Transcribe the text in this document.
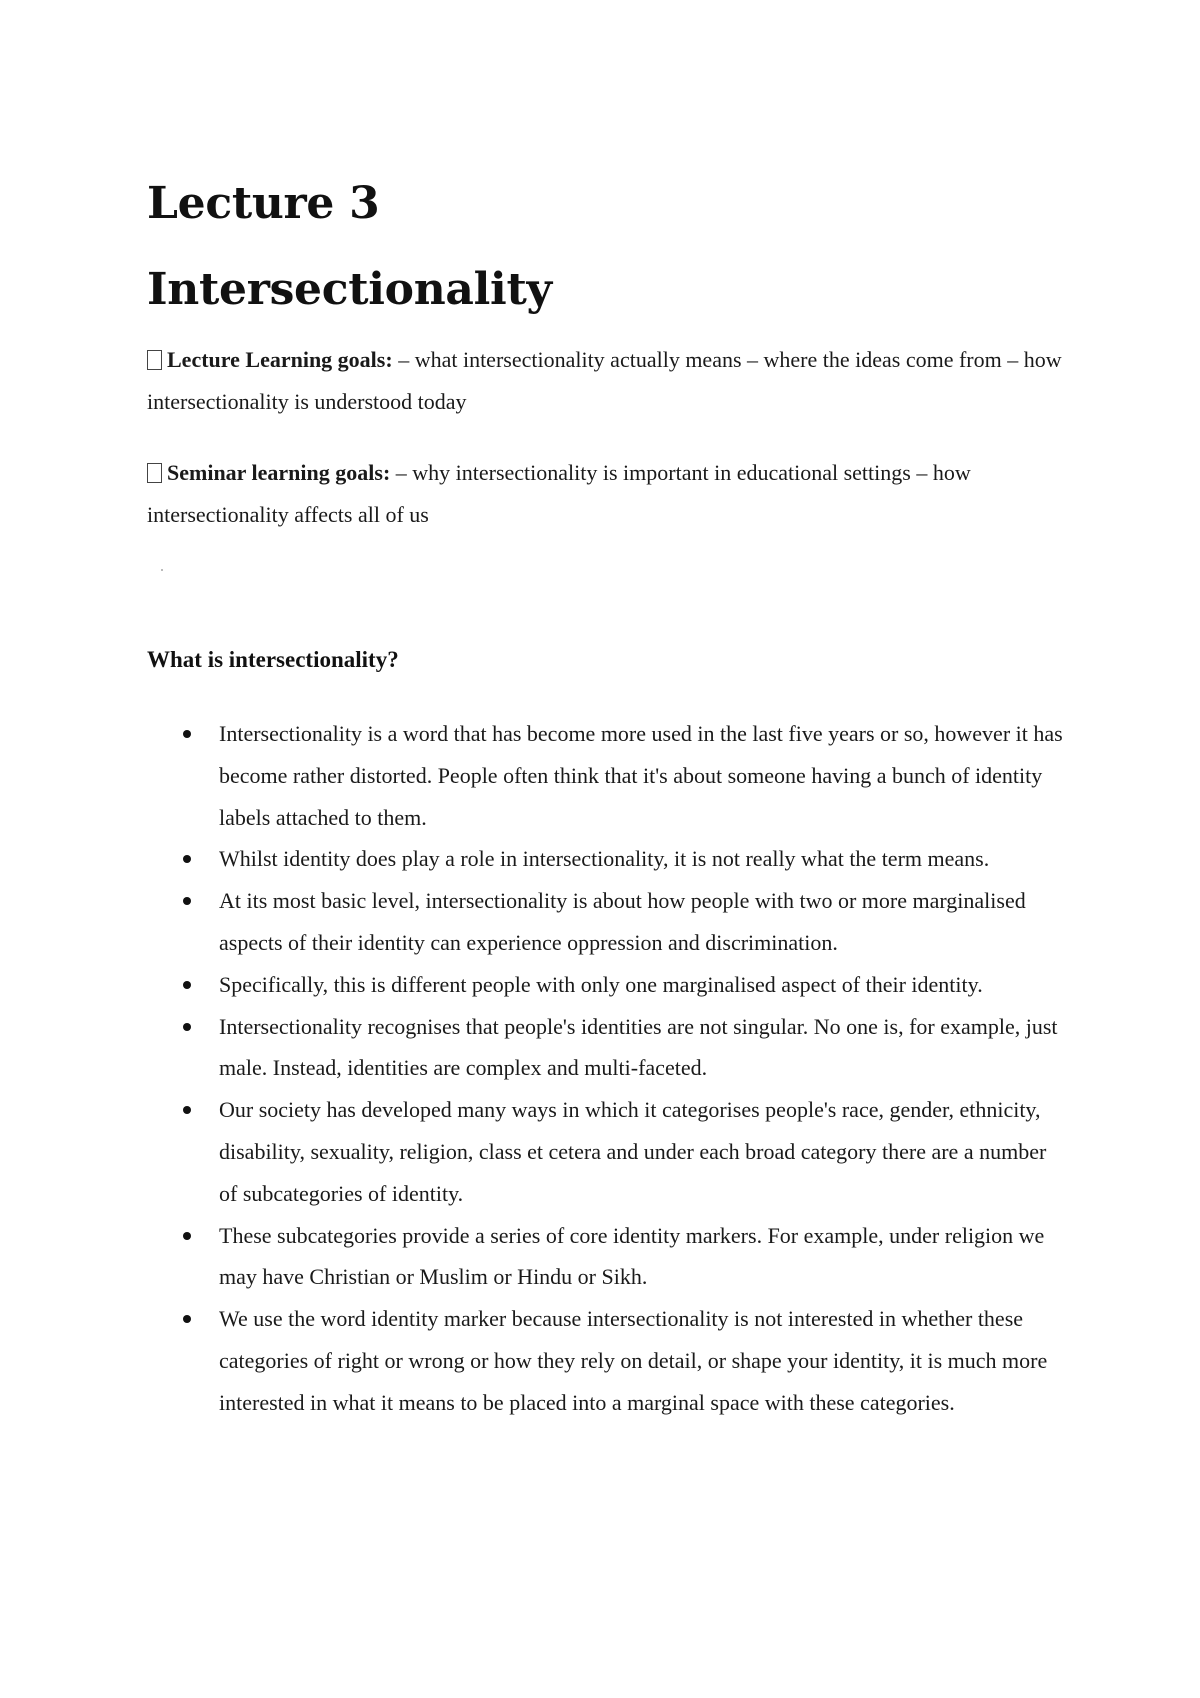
Lecture 3
Intersectionality

Lecture Learning goals: – what intersectionality actually means – where the ideas come from – how intersectionality is understood today

Seminar learning goals: – why intersectionality is important in educational settings – how intersectionality affects all of us

What is intersectionality?
Intersectionality is a word that has become more used in the last five years or so, however it has become rather distorted. People often think that it's about someone having a bunch of identity labels attached to them.
Whilst identity does play a role in intersectionality, it is not really what the term means.
At its most basic level, intersectionality is about how people with two or more marginalised aspects of their identity can experience oppression and discrimination.
Specifically, this is different people with only one marginalised aspect of their identity.
Intersectionality recognises that people's identities are not singular. No one is, for example, just male. Instead, identities are complex and multi-faceted.
Our society has developed many ways in which it categorises people's race, gender, ethnicity, disability, sexuality, religion, class et cetera and under each broad category there are a number of subcategories of identity.
These subcategories provide a series of core identity markers. For example, under religion we may have Christian or Muslim or Hindu or Sikh.
We use the word identity marker because intersectionality is not interested in whether these categories of right or wrong or how they rely on detail, or shape your identity, it is much more interested in what it means to be placed into a marginal space with these categories.
